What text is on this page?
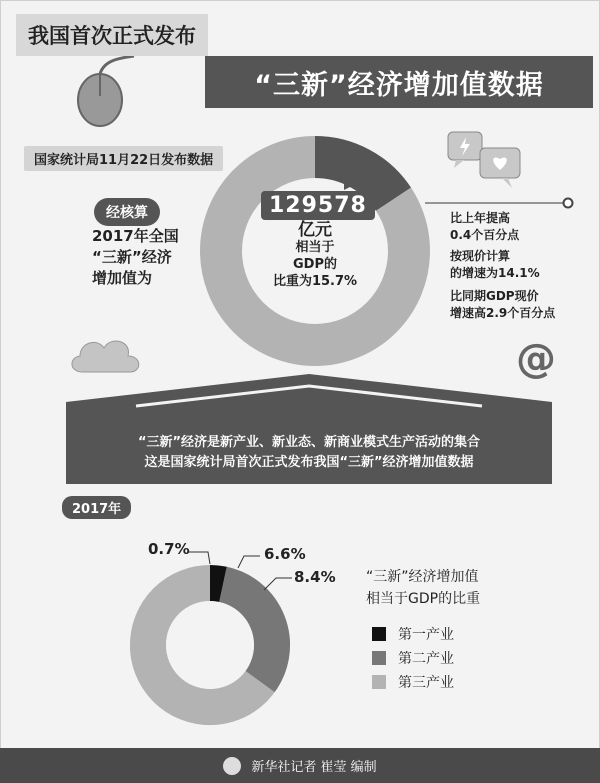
我国首次正式发布
“三新”经济增加值数据
国家统计局11月22日发布数据
经核算
2017年全国
“三新”经济
增加值为
129578
亿元
相当于
GDP的
比重为15.7%
比上年提高
0.4个百分点
按现价计算
的增速为14.1%
比同期GDP现价
增速高2.9个百分点
@
“三新”经济是新产业、新业态、新商业模式生产活动的集合
这是国家统计局首次正式发布我国“三新”经济增加值数据
2017年
0.7%	6.6%
8.4% “三新”经济增加值
相当于GDP的比重
第一产业
第二产业
第三产业
新华社记者 崔莹 编制
